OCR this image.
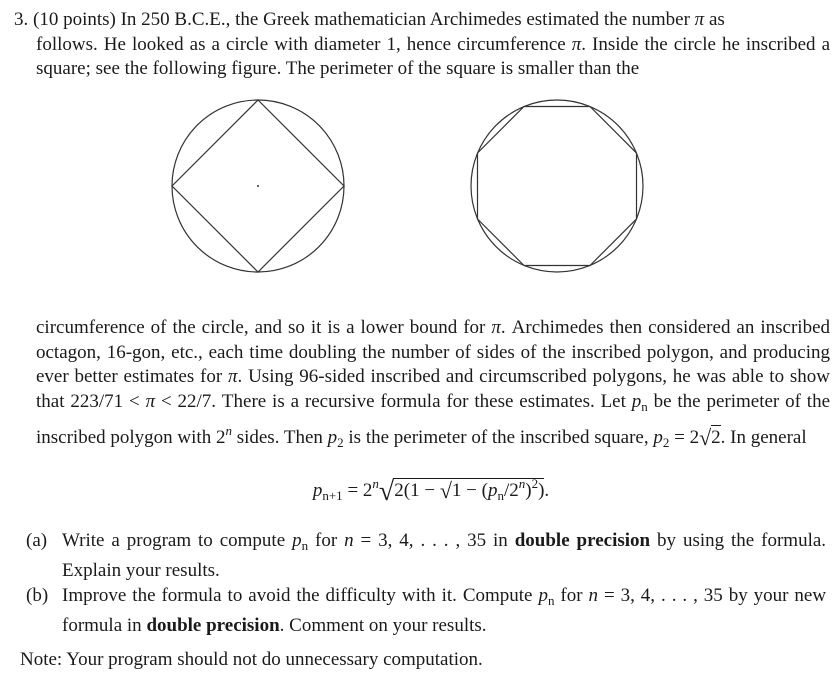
3. (10 points) In 250 B.C.E., the Greek mathematician Archimedes estimated the number π as
follows. He looked as a circle with diameter 1, hence circumference π. Inside the circle he inscribed a square; see the following figure. The perimeter of the square is smaller than the

circumference of the circle, and so it is a lower bound for π. Archimedes then considered an inscribed octagon, 16-gon, etc., each time doubling the number of sides of the inscribed polygon, and producing ever better estimates for π. Using 96-sided inscribed and circumscribed polygons, he was able to show that 223/71 < π < 22/7. There is a recursive formula for these estimates. Let $p_n$ be the perimeter of the inscribed polygon with 2$^n$ sides. Then $p_2$ is the perimeter of the inscribed square, $p_2 = 2√2$. In general

$p_{n+1} = 2^n√2(1 - √1 - (p_n/2^n)^2)$.

(a) Write a program to compute $p_n$ for n = 3, 4, . . . , 35 in double precision by using the formula. Explain your results.

(b) Improve the formula to avoid the difficulty with it. Compute $p_n$ for n = 3, 4, . . . , 35 by your new formula in double precision. Comment on your results.

Note: Your program should not do unnecessary computation.
